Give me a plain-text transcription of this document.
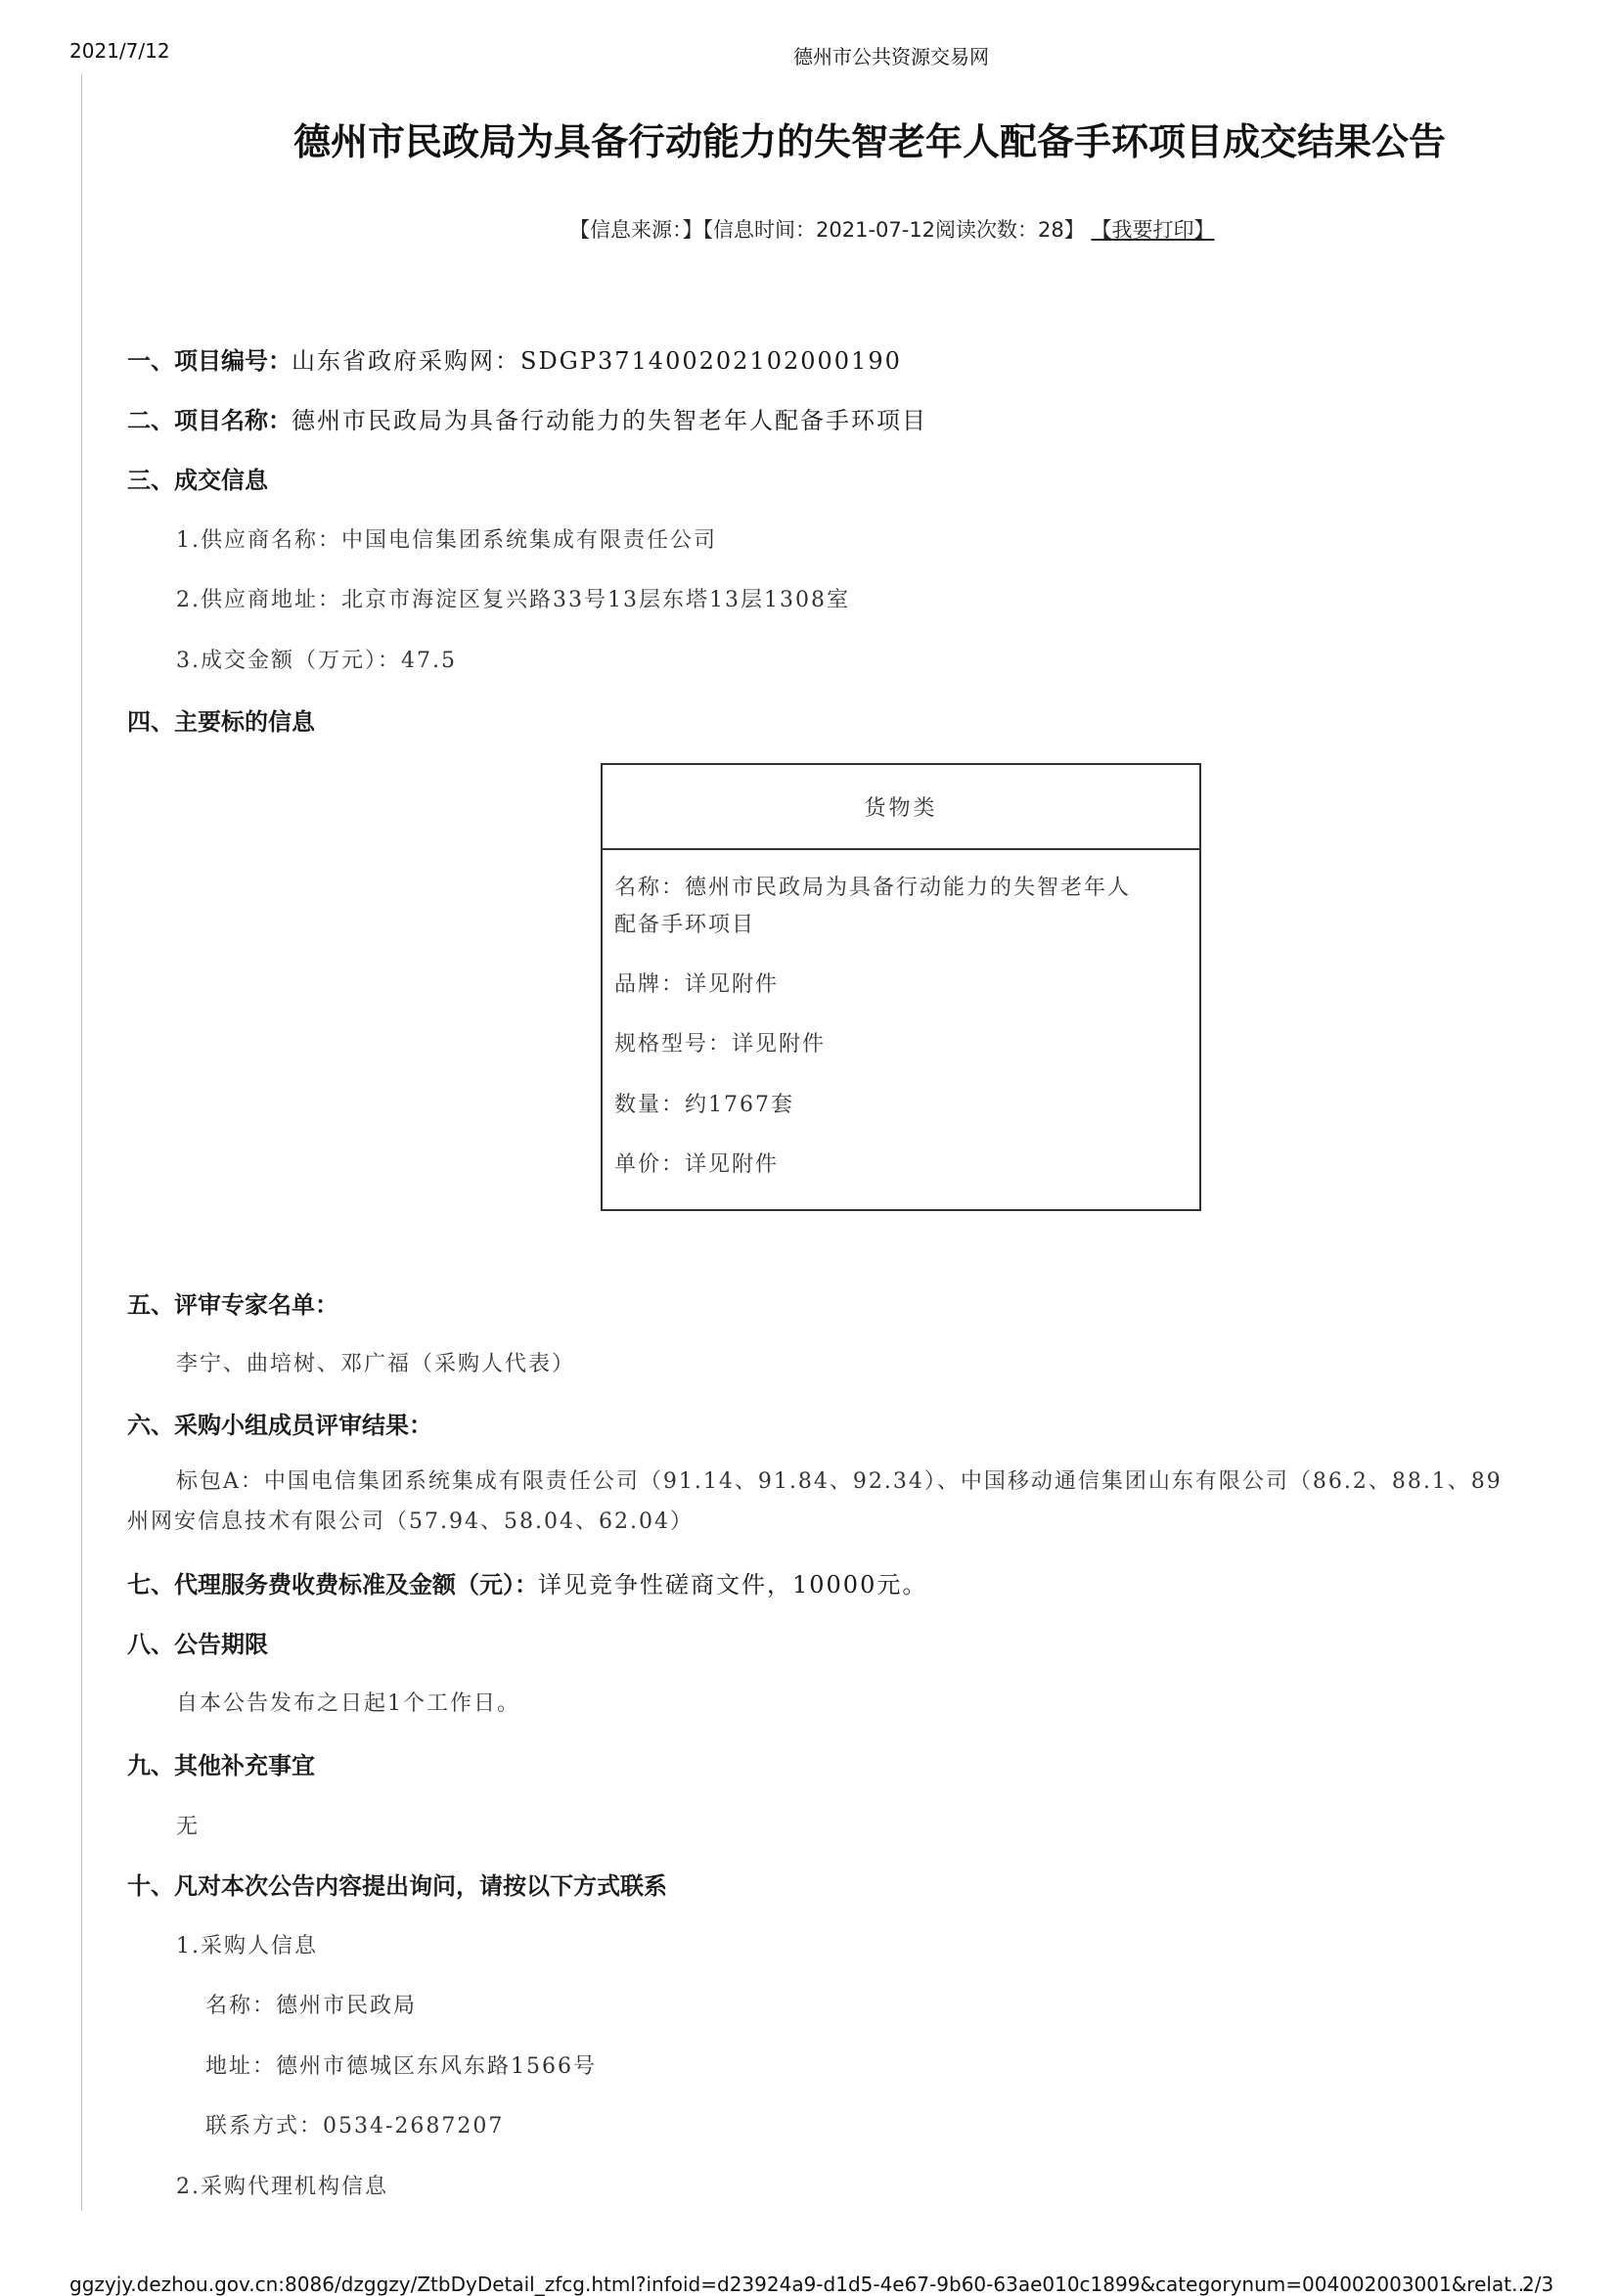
2021/7/12	德州市公共资源交易网
德州市民政局为具备行动能力的失智老年人配备手环项目成交结果公告
【信息来源：】【信息时间：2021-07-12阅读次数：28】 【我要打印】
一、项目编号：山东省政府采购网：SDGP371400202102000190
二、项目名称：德州市民政局为具备行动能力的失智老年人配备手环项目
三、成交信息
1.供应商名称：中国电信集团系统集成有限责任公司
2.供应商地址：北京市海淀区复兴路33号13层东塔13层1308室
3.成交金额（万元）：47.5
四、主要标的信息
货物类
名称：德州市民政局为具备行动能力的失智老年人
配备手环项目
品牌：详见附件
规格型号：详见附件
数量：约1767套
单价：详见附件
五、评审专家名单：
李宁、曲培树、邓广福（采购人代表）
六、采购小组成员评审结果：
标包A：中国电信集团系统集成有限责任公司（91.14、91.84、92.34）、中国移动通信集团山东有限公司（86.2、88.1、89
州网安信息技术有限公司（57.94、58.04、62.04）
七、代理服务费收费标准及金额（元）：详见竞争性磋商文件，10000元。
八、公告期限
自本公告发布之日起1个工作日。
九、其他补充事宜
无
十、凡对本次公告内容提出询问，请按以下方式联系
1.采购人信息
名称：德州市民政局
地址：德州市德城区东风东路1566号
联系方式：0534-2687207
2.采购代理机构信息
ggzyjy.dezhou.gov.cn:8086/dzggzy/ZtbDyDetail_zfcg.html?infoid=d23924a9-d1d5-4e67-9b60-63ae010c1899&categorynum=004002003001&relat…
2/3
